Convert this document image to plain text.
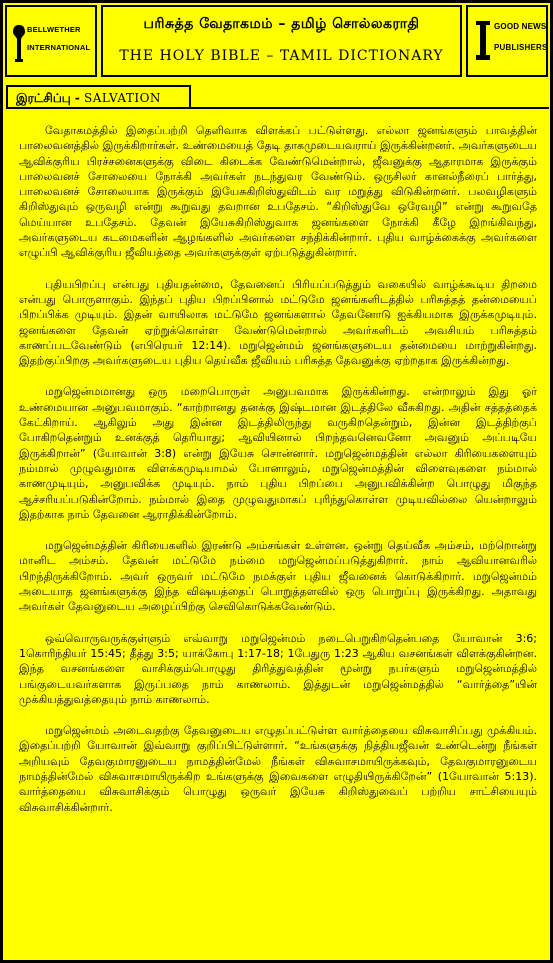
BELLWETHER
INTERNATIONAL
பரிசுத்த வேதாகமம் – தமிழ் சொல்லகராதி
THE HOLY BIBLE – TAMIL DICTIONARY
GOOD NEWS
PUBLISHERS
இரட்சிப்பு - SALVATION

வேதாகமத்தில் இதைப்பற்றி தெளிவாக விளக்கப் பட்டுள்ளது. எல்லா ஜனங்களும் பாவத்தின் பாலைவனத்தில் இருக்கிறார்கள். உண்மையைத் தேடி தாகமுடையவராய் இருக்கின்றனர். அவர்களுடைய ஆவிக்குரிய பிரச்சனைகளுக்கு விடை கிடைக்க வேண்டுமென்றால், ஜீவனுக்கு ஆதாரமாக இருக்கும் பாலைவனச் சோலையை நோக்கி அவர்கள் நடந்துவர வேண்டும். ஒருசிலர் கானல்நீரைப் பார்த்து, பாலைவனச் சோலையாக இருக்கும் இயேசுகிறிஸ்துவிடம் வர மறுத்து விடுகின்றனர். பலவழிகளும் கிறிஸ்துவும் ஒருவழி என்று கூறுவது தவறான உபதேசம். “கிறிஸ்துவே ஒரேவழி” என்று கூறுவதே மெய்யான உபதேசம். தேவன் இயேசுகிறிஸ்துவாக ஜனங்களை நோக்கி கீழே இறங்கிவந்து, அவர்களுடைய கடமைகளின் ஆழங்களில் அவர்களை சந்திக்கின்றார். புதிய வாழ்க்கைக்கு அவர்களை எழுப்பி ஆவிக்குரிய ஜீவியத்தை அவர்களுக்குள் ஏற்படுத்துகின்றார்.

புதியபிறப்பு என்பது புதியதன்மை, தேவனைப் பிரியப்படுத்தும் வகையில் வாழ்க்கூடிய திறமை என்பது பொருளாகும். இந்தப் புதிய பிறப்பினால் மட்டுமே ஜனங்களிடத்தில் பரிசுத்தத் தன்மையைப் பிறப்பிக்க முடியும். இதன் வாயிலாக மட்டுமே ஜனங்களால் தேவனோடு ஐக்கியமாக இருக்கமுடியும். ஜனங்களை தேவன் ஏற்றுக்கொள்ள வேண்டுமென்றால் அவர்களிடம் அவசியம் பரிசுத்தம் காணப்படவேண்டும் (எபிரெயர் 12:14). மறுஜென்மம் ஜனங்களுடைய தன்மையை மாற்றுகின்றது. இதற்குப்பிறகு அவர்களுடைய புதிய தெய்வீக ஜீவியம் பரிசுத்த தேவனுக்கு ஏற்றதாக இருக்கின்றது.

மறுஜென்மமானது ஒரு மறைபொருள் அனுபவமாக இருக்கின்றது. என்றாலும் இது ஓர் உண்மையான அனுபவமாகும். “காற்றானது தனக்கு இஷ்டமான இடத்திலே வீசுகிறது. அதின் சத்தத்தைக் கேட்கிறாய். ஆகிலும் அது இன்ன இடத்திலிருந்து வருகிறதென்றும், இன்ன இடத்திற்குப் போகிறதென்றும் உனக்குத் தெரியாது; ஆவியினால் பிறந்தவனெவனோ அவனும் அப்படியே இருக்கிறான்” (யோவான் 3:8) என்று இயேசு சொன்னார். மறுஜென்மத்தின் எல்லா கிரியைகளையும் நம்மால் முழுவதுமாக விளக்கமுடியாமல் போனாலும், மறுஜென்மத்தின் விளைவுகளை நம்மால் காணமுடியும், அனுபவிக்க முடியும். நாம் புதிய பிறப்பை அனுபவிக்கின்ற பொழுது மிகுந்த ஆச்சரியப்படுகின்றோம். நம்மால் இதை முழுவதுமாகப் புரிந்துகொள்ள முடியவில்லை யென்றாலும் இதற்காக நாம் தேவனை ஆராதிக்கின்றோம்.

மறுஜென்மத்தின் கிரியைகளில் இரண்டு அம்சங்கள் உள்ளன. ஒன்று தெய்வீக அம்சம், மற்றொன்று மானிட அம்சம். தேவன் மட்டுமே நம்மை மறுஜென்மப்படுத்துகிறார். நாம் ஆவியானவரில் பிறந்திருக்கிறோம். அவர் ஒருவர் மட்டுமே நமக்குள் புதிய ஜீவனைக் கொடுக்கிறார். மறுஜென்மம் அடையாத ஜனங்களுக்கு இந்த விஷயத்தைப் பொறுத்தளவில் ஒரு பொறுப்பு இருக்கிறது. அதாவது அவர்கள் தேவனுடைய அழைப்பிற்கு செவிகொடுக்கவேண்டும்.

ஒவ்வொருவருக்குள்ளும் எவ்வாறு மறுஜென்மம் நடைபெறுகிறதென்பதை யோவான் 3:6; 1கொரிந்தியர் 15:45; தீத்து 3:5; யாக்கோபு 1:17-18; 1பேதுரு 1:23 ஆகிய வசனங்கள் விளக்குகின்றன. இந்த வசனங்களை வாசிக்கும்பொழுது திரித்துவத்தின் மூன்று நபர்களும் மறுஜென்மத்தில் பங்குடையவர்களாக இருப்பதை நாம் காணலாம். இத்துடன் மறுஜென்மத்தில் “வார்த்தை”யின் முக்கியத்துவத்தையும் நாம் காணலாம்.

மறுஜென்மம் அடைவதற்கு தேவனுடைய எழுதப்பட்டுள்ள வார்த்தையை விசுவாசிப்பது முக்கியம். இதைப்பற்றி யோவான் இவ்வாறு குறிப்பிட்டுள்ளார். “உங்களுக்கு நித்தியஜீவன் உண்டென்று நீங்கள் அறியவும் தேவகுமாரனுடைய நாமத்தின்மேல் நீங்கள் விசுவாசமாயிருக்கவும், தேவகுமாரனுடைய நாமத்தின்மேல் விசுவாசமாயிருக்கிற உங்களுக்கு இவைகளை எழுதியிருக்கிறேன்” (1யோவான் 5:13). வார்த்தையை விசுவாசிக்கும் பொழுது ஒருவர் இயேசு கிறிஸ்துவைப் பற்றிய சாட்சியையும் விசுவாசிக்கின்றார்.
